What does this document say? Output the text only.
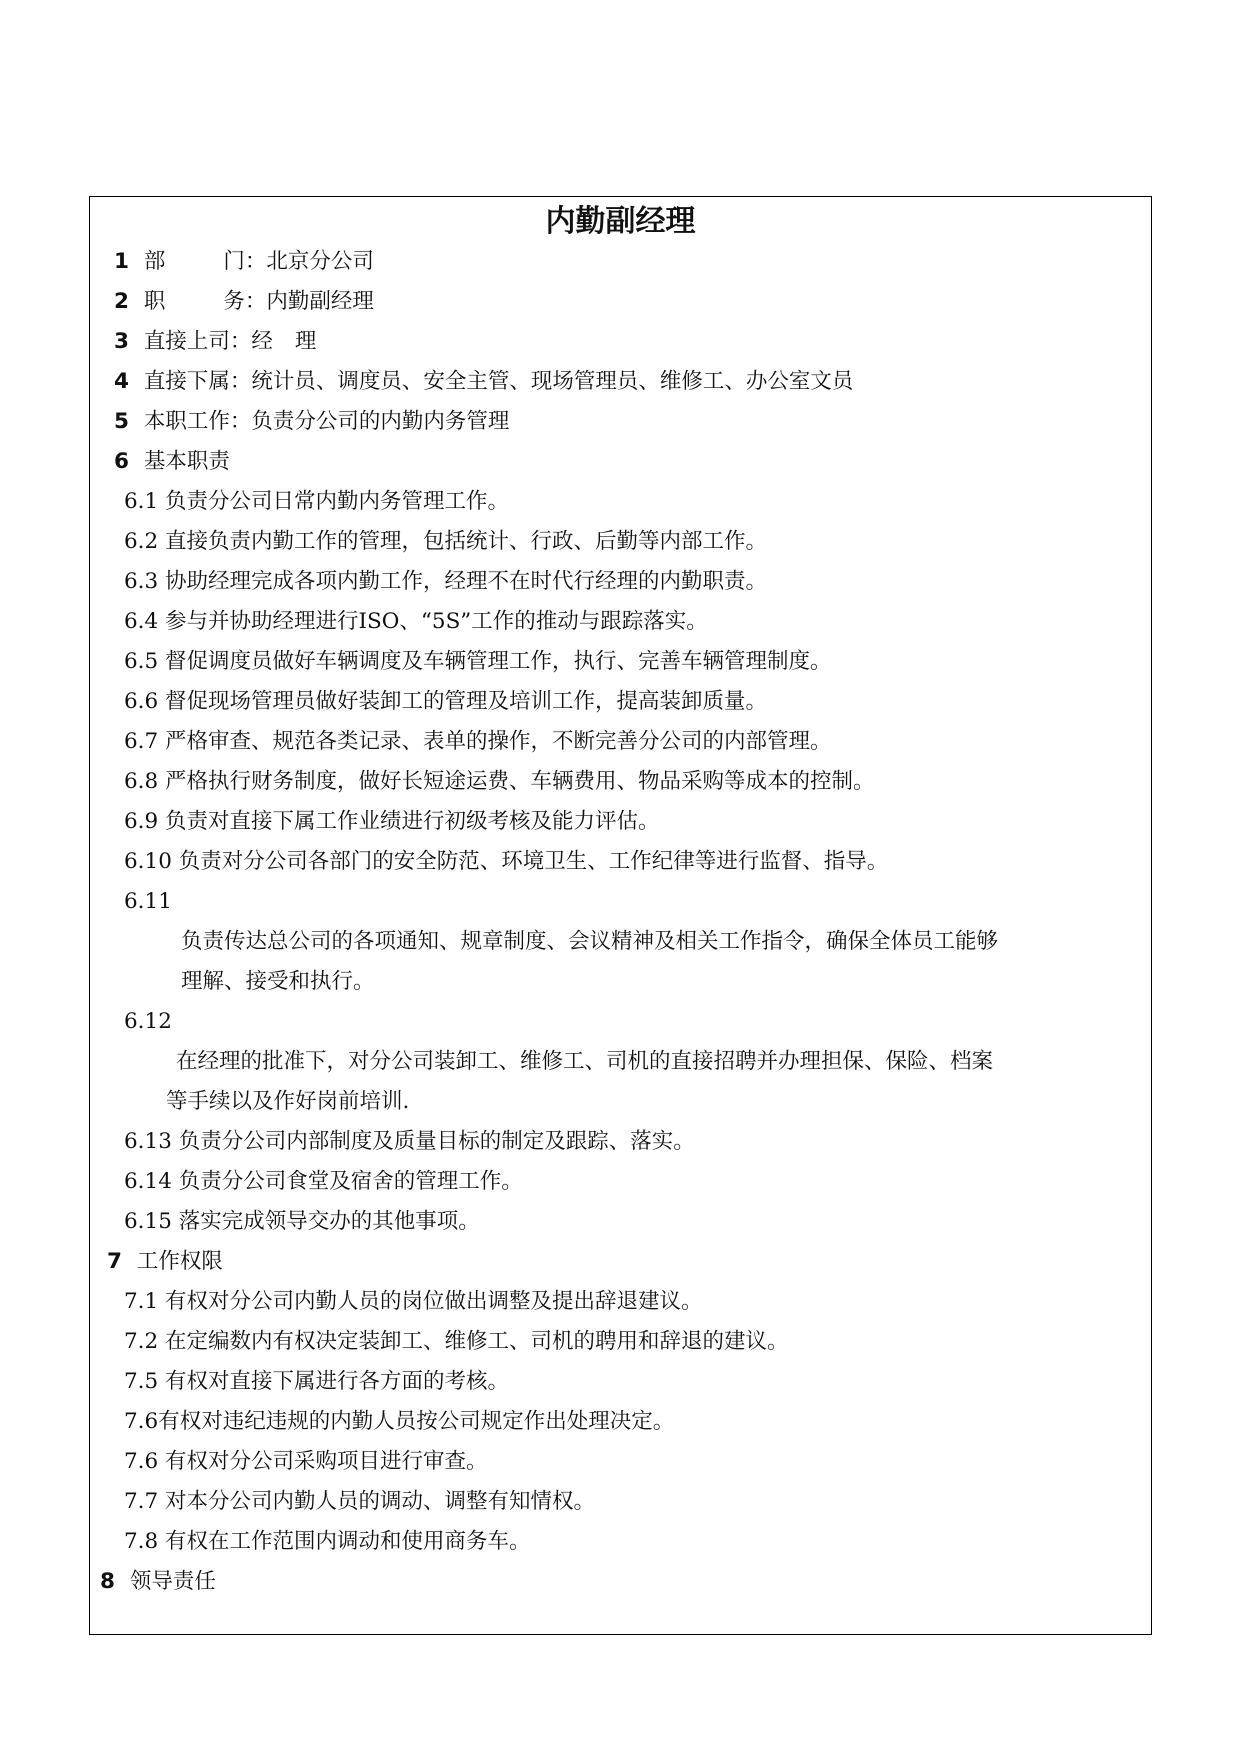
内勤副经理
1 部	门：北京分公司
2 职	务：内勤副经理
3 直接上司：经 理
4 直接下属：统计员、调度员、安全主管、现场管理员、维修工、办公室文员
5 本职工作：负责分公司的内勤内务管理
6 基本职责
6.1 负责分公司日常内勤内务管理工作。
6.2 直接负责内勤工作的管理，包括统计、行政、后勤等内部工作。
6.3 协助经理完成各项内勤工作，经理不在时代行经理的内勤职责。
6.4 参与并协助经理进行ISO、“5S”工作的推动与跟踪落实。
6.5 督促调度员做好车辆调度及车辆管理工作，执行、完善车辆管理制度。
6.6 督促现场管理员做好装卸工的管理及培训工作，提高装卸质量。
6.7 严格审查、规范各类记录、表单的操作，不断完善分公司的内部管理。
6.8 严格执行财务制度，做好长短途运费、车辆费用、物品采购等成本的控制。
6.9 负责对直接下属工作业绩进行初级考核及能力评估。
6.10 负责对分公司各部门的安全防范、环境卫生、工作纪律等进行监督、指导。
6.11
负责传达总公司的各项通知、规章制度、会议精神及相关工作指令，确保全体员工能够
理解、接受和执行。
6.12
在经理的批准下，对分公司装卸工、维修工、司机的直接招聘并办理担保、保险、档案
等手续以及作好岗前培训.
6.13 负责分公司内部制度及质量目标的制定及跟踪、落实。
6.14 负责分公司食堂及宿舍的管理工作。
6.15 落实完成领导交办的其他事项。
7 工作权限
7.1 有权对分公司内勤人员的岗位做出调整及提出辞退建议。
7.2 在定编数内有权决定装卸工、维修工、司机的聘用和辞退的建议。
7.5 有权对直接下属进行各方面的考核。
7.6有权对违纪违规的内勤人员按公司规定作出处理决定。
7.6 有权对分公司采购项目进行审查。
7.7 对本分公司内勤人员的调动、调整有知情权。
7.8 有权在工作范围内调动和使用商务车。
8 领导责任
